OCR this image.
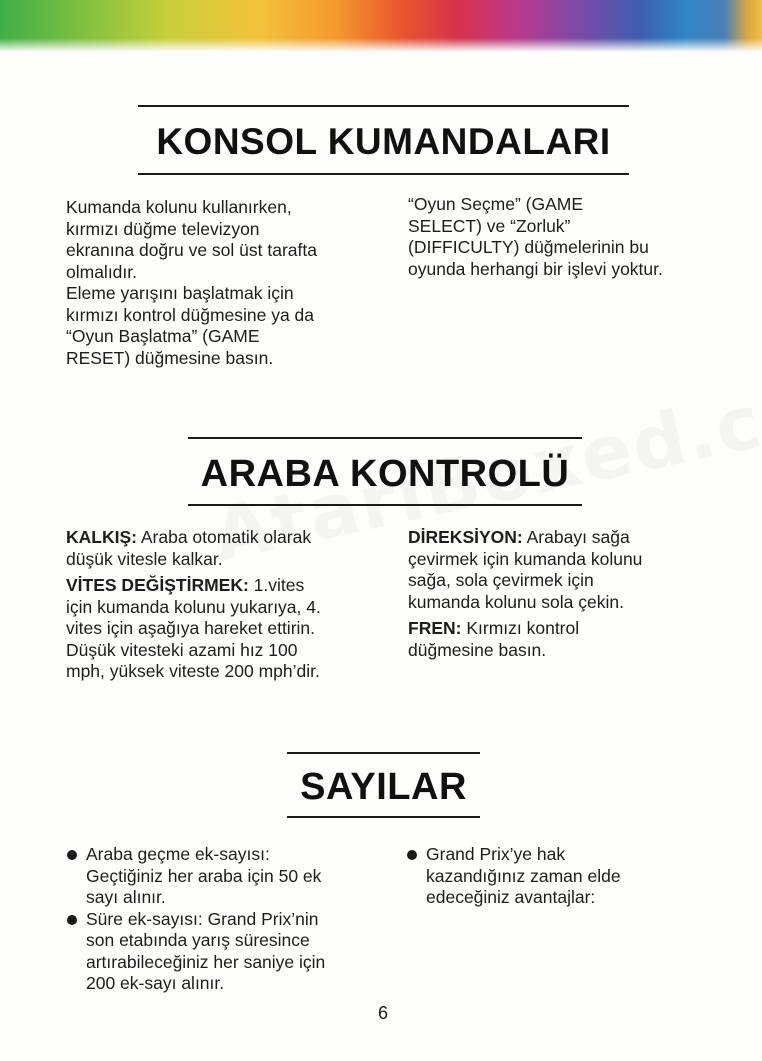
KONSOL KUMANDALARI

Kumanda kolunu kullanırken,

kırmızı düğme televizyon

ekranına doğru ve sol üst tarafta

olmalıdır.

Eleme yarışını başlatmak için

kırmızı kontrol düğmesine ya da

“Oyun Başlatma” (GAME

RESET) düğmesine basın.

“Oyun Seçme” (GAME

SELECT) ve “Zorluk”

(DIFFICULTY) düğmelerinin bu

oyunda herhangi bir işlevi yoktur.

ARABA KONTROLÜ

KALKIŞ: Araba otomatik olarak

düşük vitesle kalkar.

VİTES DEĞİŞTİRMEK: 1.vites

için kumanda kolunu yukarıya, 4.

vites için aşağıya hareket ettirin.

Düşük vitesteki azami hız 100

mph, yüksek viteste 200 mph’dir.

DİREKSİYON: Arabayı sağa

çevirmek için kumanda kolunu

sağa, sola çevirmek için

kumanda kolunu sola çekin.

FREN: Kırmızı kontrol

düğmesine basın.

SAYILAR

Araba geçme ek-sayısı:

Geçtiğiniz her araba için 50 ek

sayı alınır.

Süre ek-sayısı: Grand Prix’nin

son etabında yarış süresince

artırabileceğiniz her saniye için

200 ek-sayı alınır.

Grand Prix’ye hak

kazandığınız zaman elde

edeceğiniz avantajlar:

6
